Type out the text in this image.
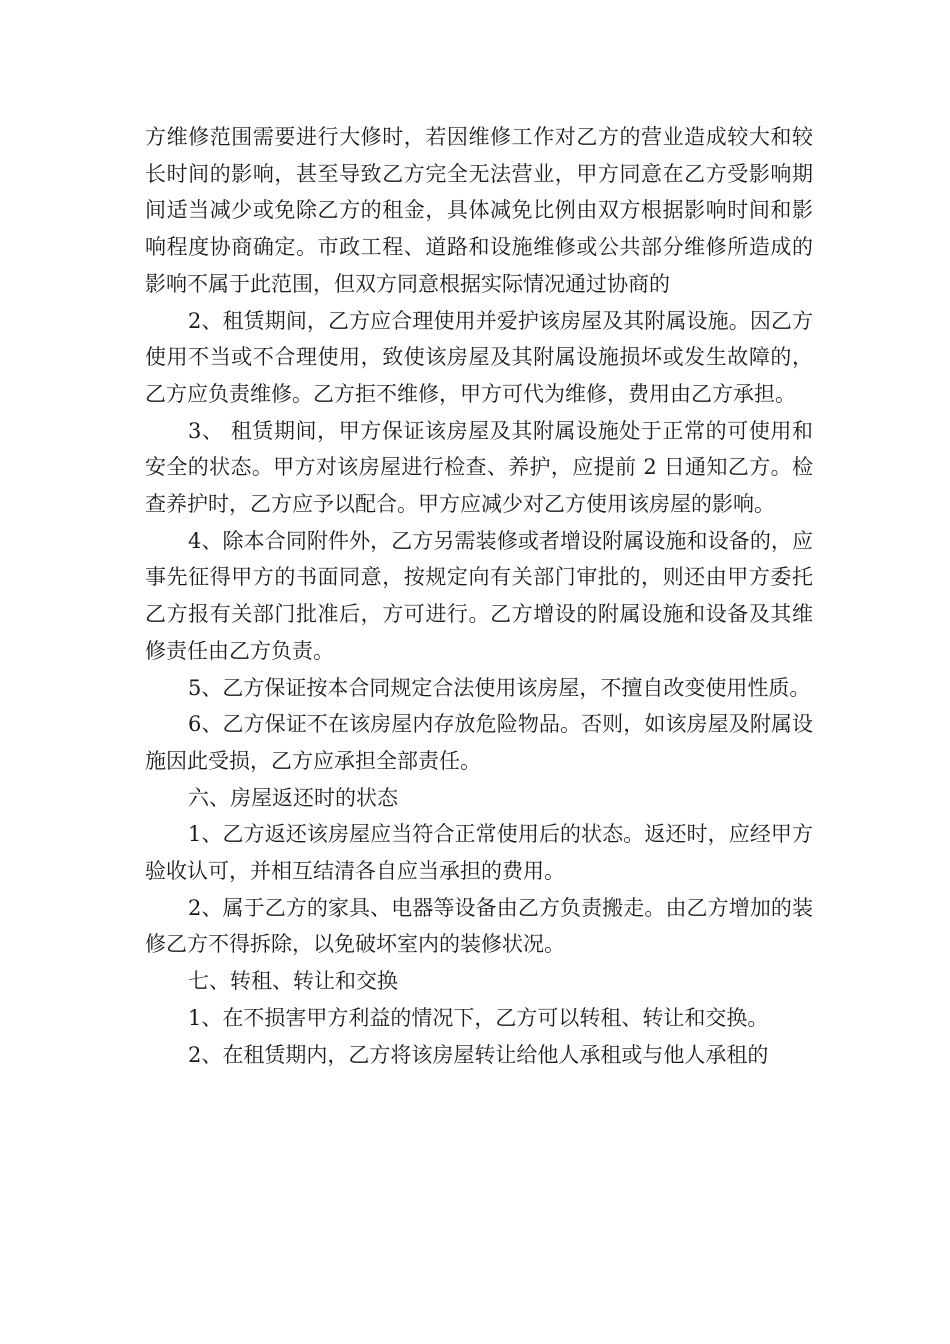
方维修范围需要进行大修时，若因维修工作对乙方的营业造成较大和较长时间的影响，甚至导致乙方完全无法营业，甲方同意在乙方受影响期间适当减少或免除乙方的租金，具体减免比例由双方根据影响时间和影响程度协商确定。市政工程、道路和设施维修或公共部分维修所造成的影响不属于此范围，但双方同意根据实际情况通过协商的

2、租赁期间，乙方应合理使用并爱护该房屋及其附属设施。因乙方使用不当或不合理使用，致使该房屋及其附属设施损坏或发生故障的，乙方应负责维修。乙方拒不维修，甲方可代为维修，费用由乙方承担。

3、 租赁期间，甲方保证该房屋及其附属设施处于正常的可使用和安全的状态。甲方对该房屋进行检查、养护，应提前 2 日通知乙方。检查养护时，乙方应予以配合。甲方应减少对乙方使用该房屋的影响。

4、除本合同附件外，乙方另需装修或者增设附属设施和设备的，应事先征得甲方的书面同意，按规定向有关部门审批的，则还由甲方委托乙方报有关部门批准后，方可进行。乙方增设的附属设施和设备及其维修责任由乙方负责。

5、乙方保证按本合同规定合法使用该房屋，不擅自改变使用性质。

6、乙方保证不在该房屋内存放危险物品。否则，如该房屋及附属设施因此受损，乙方应承担全部责任。

六、房屋返还时的状态

1、乙方返还该房屋应当符合正常使用后的状态。返还时，应经甲方验收认可，并相互结清各自应当承担的费用。

2、属于乙方的家具、电器等设备由乙方负责搬走。由乙方增加的装修乙方不得拆除，以免破坏室内的装修状况。

七、转租、转让和交换

1、在不损害甲方利益的情况下，乙方可以转租、转让和交换。

2、在租赁期内，乙方将该房屋转让给他人承租或与他人承租的
